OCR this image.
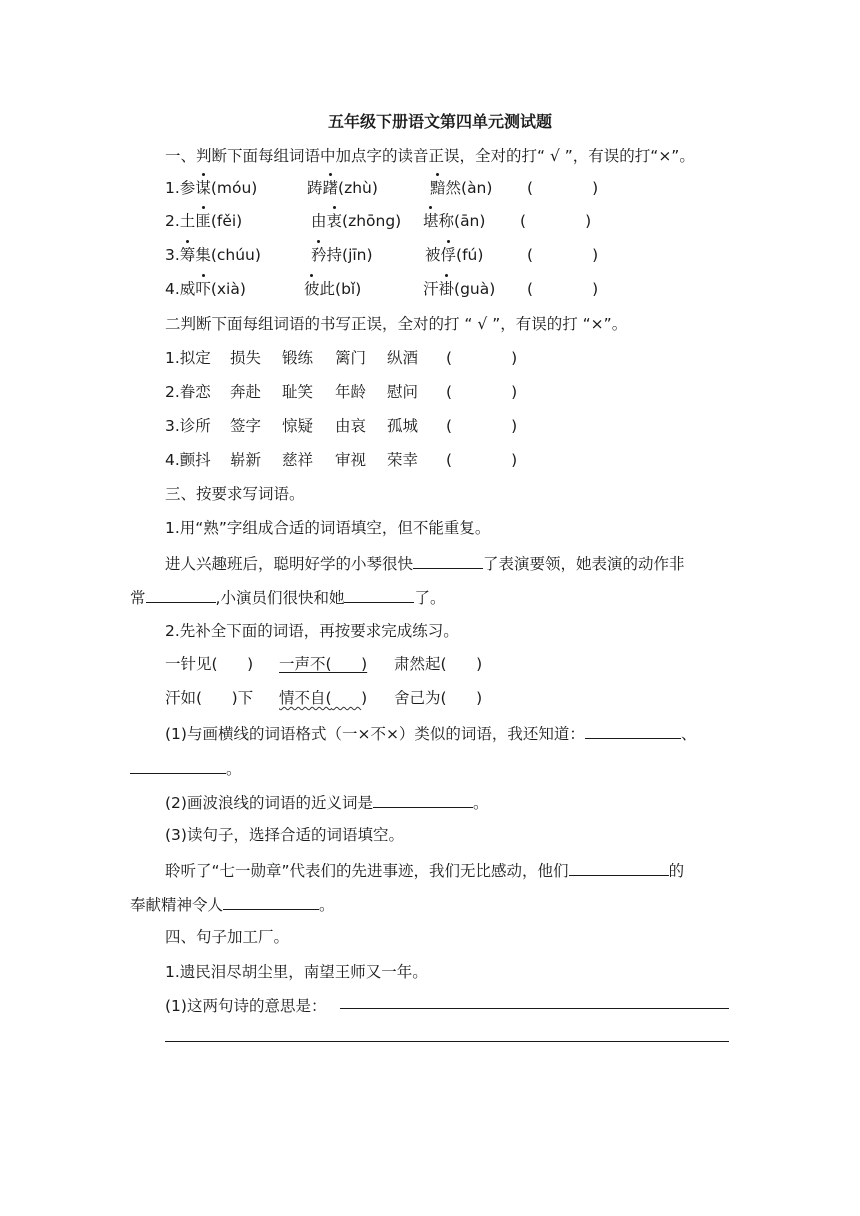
五年级下册语文第四单元测试题
一、判断下面每组词语中加点字的读音正误，全对的打“ √ ”，有误的打“×”。
1.参谋(móu)	踌躇(zhù)	黯然(àn) (            )
2.土匪(fěi)	由衷(zhōng) 堪称(ān) (            )
3.筹集(chúu)	矜持(jīn)	被俘(fú)	(            )
4.威吓(xià)	彼此(bǐ)	汗褂(guà) (            )
二判断下面每组词语的书写正误，全对的打 “ √ ”，有误的打 “×”。
1.拟定 损失 锻练 篱门 纵酒 (            )
2.眷恋 奔赴 耻笑 年龄 慰问 (            )
3.诊所 签字 惊疑 由哀 孤城 (            )
4.颤抖 崭新 慈祥 审视 荣幸 (            )
三、按要求写词语。
1.用“熟”字组成合适的词语填空，但不能重复。
进人兴趣班后，聪明好学的小琴很快	了表演要领，她表演的动作非
常	,小演员们很快和她	了。
2.先补全下面的词语，再按要求完成练习。
一针见(      ) 一声不(      ) 肃然起(      )
汗如(      )下 情不自( ) 舍己为(      )
(1)与画横线的词语格式（一×不×）类似的词语，我还知道：	、
。
(2)画波浪线的词语的近义词是	。
(3)读句子，选择合适的词语填空。
聆听了“七一勋章”代表们的先进事迹，我们无比感动，他们	的
奉献精神令人	。
四、句子加工厂。
1.遗民泪尽胡尘里，南望王师又一年。
(1)这两句诗的意思是：
